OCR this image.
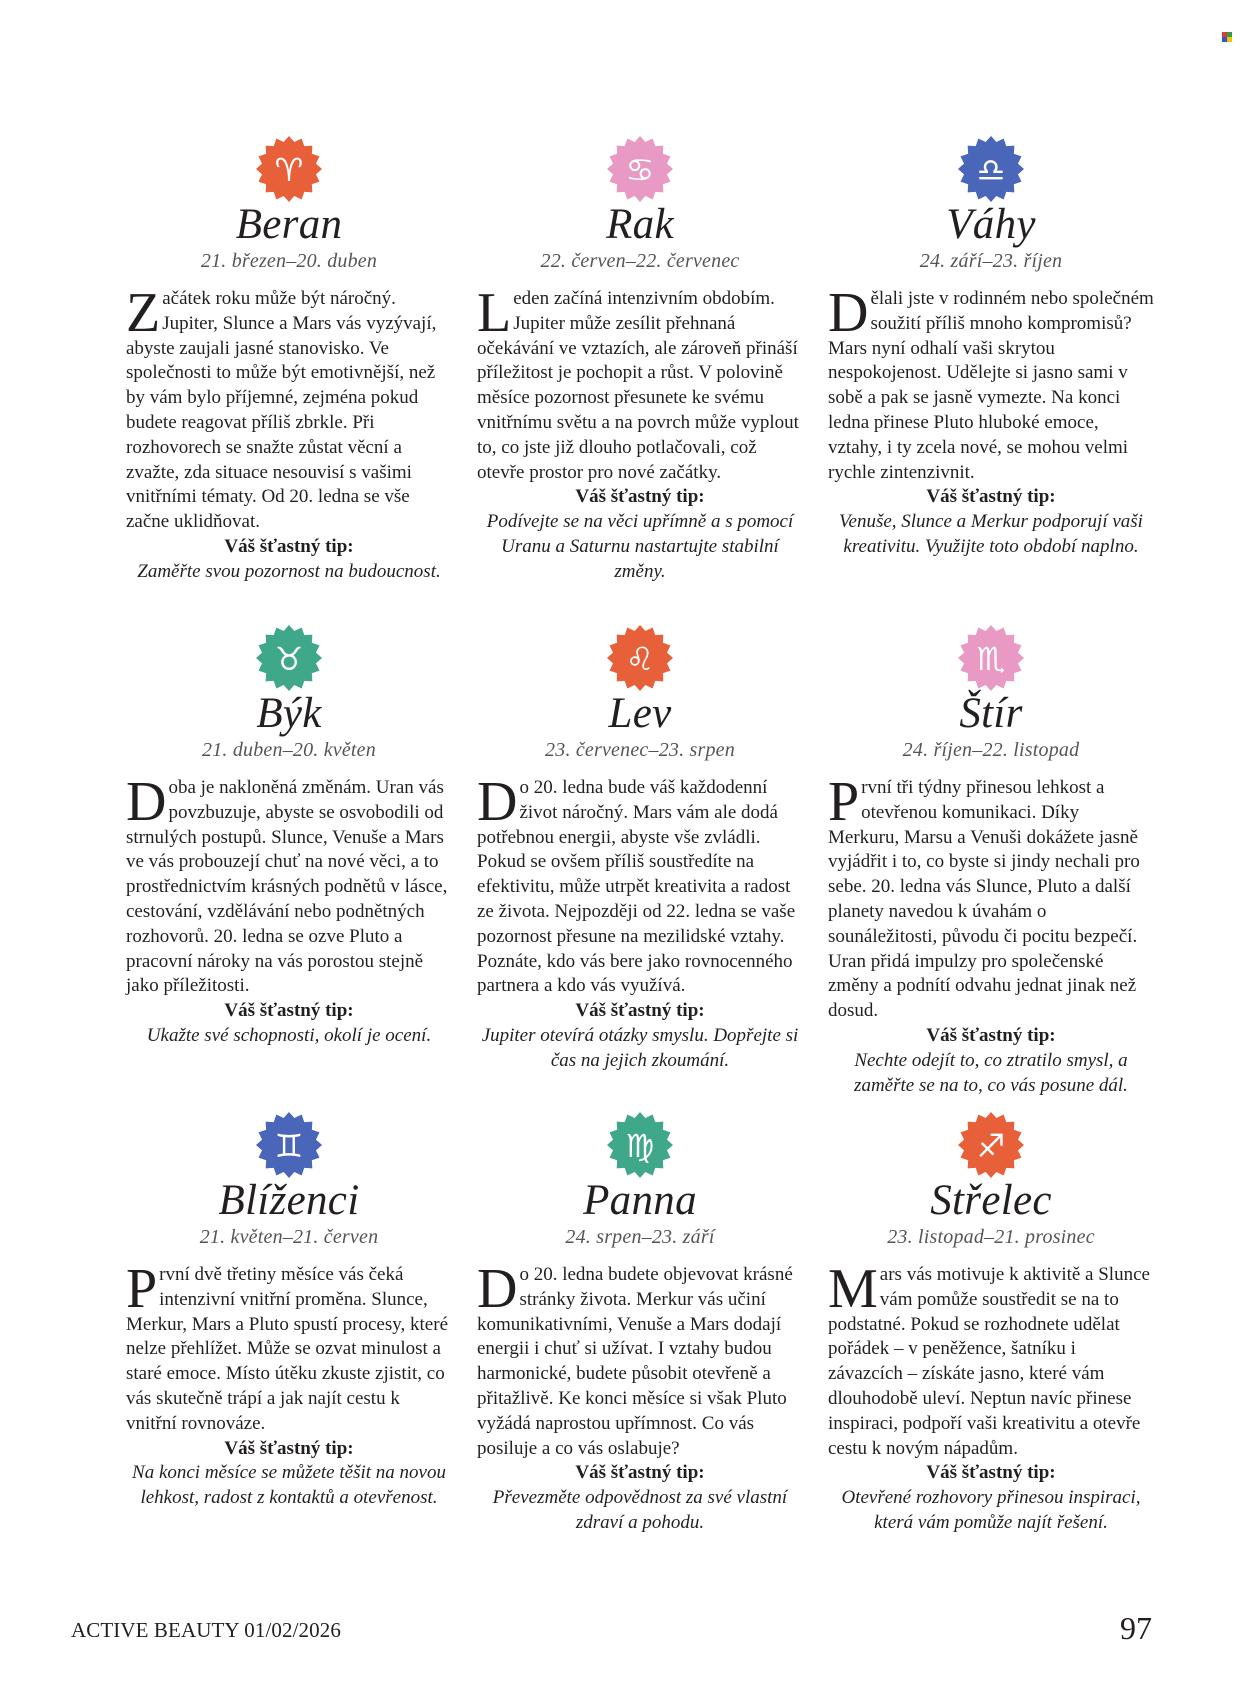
ACTIVE BEAUTY 01/02/2026	97
♈
Beran
21. březen–20. duben
Začátek roku může být náročný. Jupiter, Slunce a Mars vás vyzývají, abyste zaujali jasné stanovisko. Ve společnosti to může být emotivnější, než by vám bylo příjemné, zejména pokud budete reagovat příliš zbrkle. Při rozhovorech se snažte zůstat věcní a zvažte, zda situace nesouvisí s vašimi vnitřními tématy. Od 20. ledna se vše začne uklidňovat.
Váš šťastný tip:
Zaměřte svou pozornost na budoucnost.
♋
Rak
22. červen–22. červenec
Leden začíná intenzivním obdobím. Jupiter může zesílit přehnaná očekávání ve vztazích, ale zároveň přináší příležitost je pochopit a růst. V polovině měsíce pozornost přesunete ke svému vnitřnímu světu a na povrch může vyplout to, co jste již dlouho potlačovali, což otevře prostor pro nové začátky.
Váš šťastný tip:
Podívejte se na věci upřímně a s pomocí Uranu a Saturnu nastartujte stabilní změny.
♎
Váhy
24. září–23. říjen
Dělali jste v rodinném nebo společném soužití příliš mnoho kompromisů? Mars nyní odhalí vaši skrytou nespokojenost. Udělejte si jasno sami v sobě a pak se jasně vymezte. Na konci ledna přinese Pluto hluboké emoce, vztahy, i ty zcela nové, se mohou velmi rychle zintenzivnit.
Váš šťastný tip:
Venuše, Slunce a Merkur podporují vaši kreativitu. Využijte toto období naplno.
♉
Býk
21. duben–20. květen
Doba je nakloněná změnám. Uran vás povzbuzuje, abyste se osvobodili od strnulých postupů. Slunce, Venuše a Mars ve vás probouzejí chuť na nové věci, a to prostřednictvím krásných podnětů v lásce, cestování, vzdělávání nebo podnětných rozhovorů. 20. ledna se ozve Pluto a pracovní nároky na vás porostou stejně jako příležitosti.
Váš šťastný tip:
Ukažte své schopnosti, okolí je ocení.
♌
Lev
23. červenec–23. srpen
Do 20. ledna bude váš každodenní život náročný. Mars vám ale dodá potřebnou energii, abyste vše zvládli. Pokud se ovšem příliš soustředíte na efektivitu, může utrpět kreativita a radost ze života. Nejpozději od 22. ledna se vaše pozornost přesune na mezilidské vztahy. Poznáte, kdo vás bere jako rovnocenného partnera a kdo vás využívá.
Váš šťastný tip:
Jupiter otevírá otázky smyslu. Dopřejte si čas na jejich zkoumání.
♏
Štír
24. říjen–22. listopad
První tři týdny přinesou lehkost a otevřenou komunikaci. Díky Merkuru, Marsu a Venuši dokážete jasně vyjádřit i to, co byste si jindy nechali pro sebe. 20. ledna vás Slunce, Pluto a další planety navedou k úvahám o sounáležitosti, původu či pocitu bezpečí. Uran přidá impulzy pro společenské změny a podnítí odvahu jednat jinak než dosud.
Váš šťastný tip:
Nechte odejít to, co ztratilo smysl, a zaměřte se na to, co vás posune dál.
♊
Blíženci
21. květen–21. červen
První dvě třetiny měsíce vás čeká intenzivní vnitřní proměna. Slunce, Merkur, Mars a Pluto spustí procesy, které nelze přehlížet. Může se ozvat minulost a staré emoce. Místo útěku zkuste zjistit, co vás skutečně trápí a jak najít cestu k vnitřní rovnováze.
Váš šťastný tip:
Na konci měsíce se můžete těšit na novou lehkost, radost z kontaktů a otevřenost.
♍
Panna
24. srpen–23. září
Do 20. ledna budete objevovat krásné stránky života. Merkur vás učiní komunikativními, Venuše a Mars dodají energii i chuť si užívat. I vztahy budou harmonické, budete působit otevřeně a přitažlivě. Ke konci měsíce si však Pluto vyžádá naprostou upřímnost. Co vás posiluje a co vás oslabuje?
Váš šťastný tip:
Převezměte odpovědnost za své vlastní zdraví a pohodu.
♐
Střelec
23. listopad–21. prosinec
Mars vás motivuje k aktivitě a Slunce vám pomůže soustředit se na to podstatné. Pokud se rozhodnete udělat pořádek – v peněžence, šatníku i závazcích – získáte jasno, které vám dlouhodobě uleví. Neptun navíc přinese inspiraci, podpoří vaši kreativitu a otevře cestu k novým nápadům.
Váš šťastný tip:
Otevřené rozhovory přinesou inspiraci, která vám pomůže najít řešení.
